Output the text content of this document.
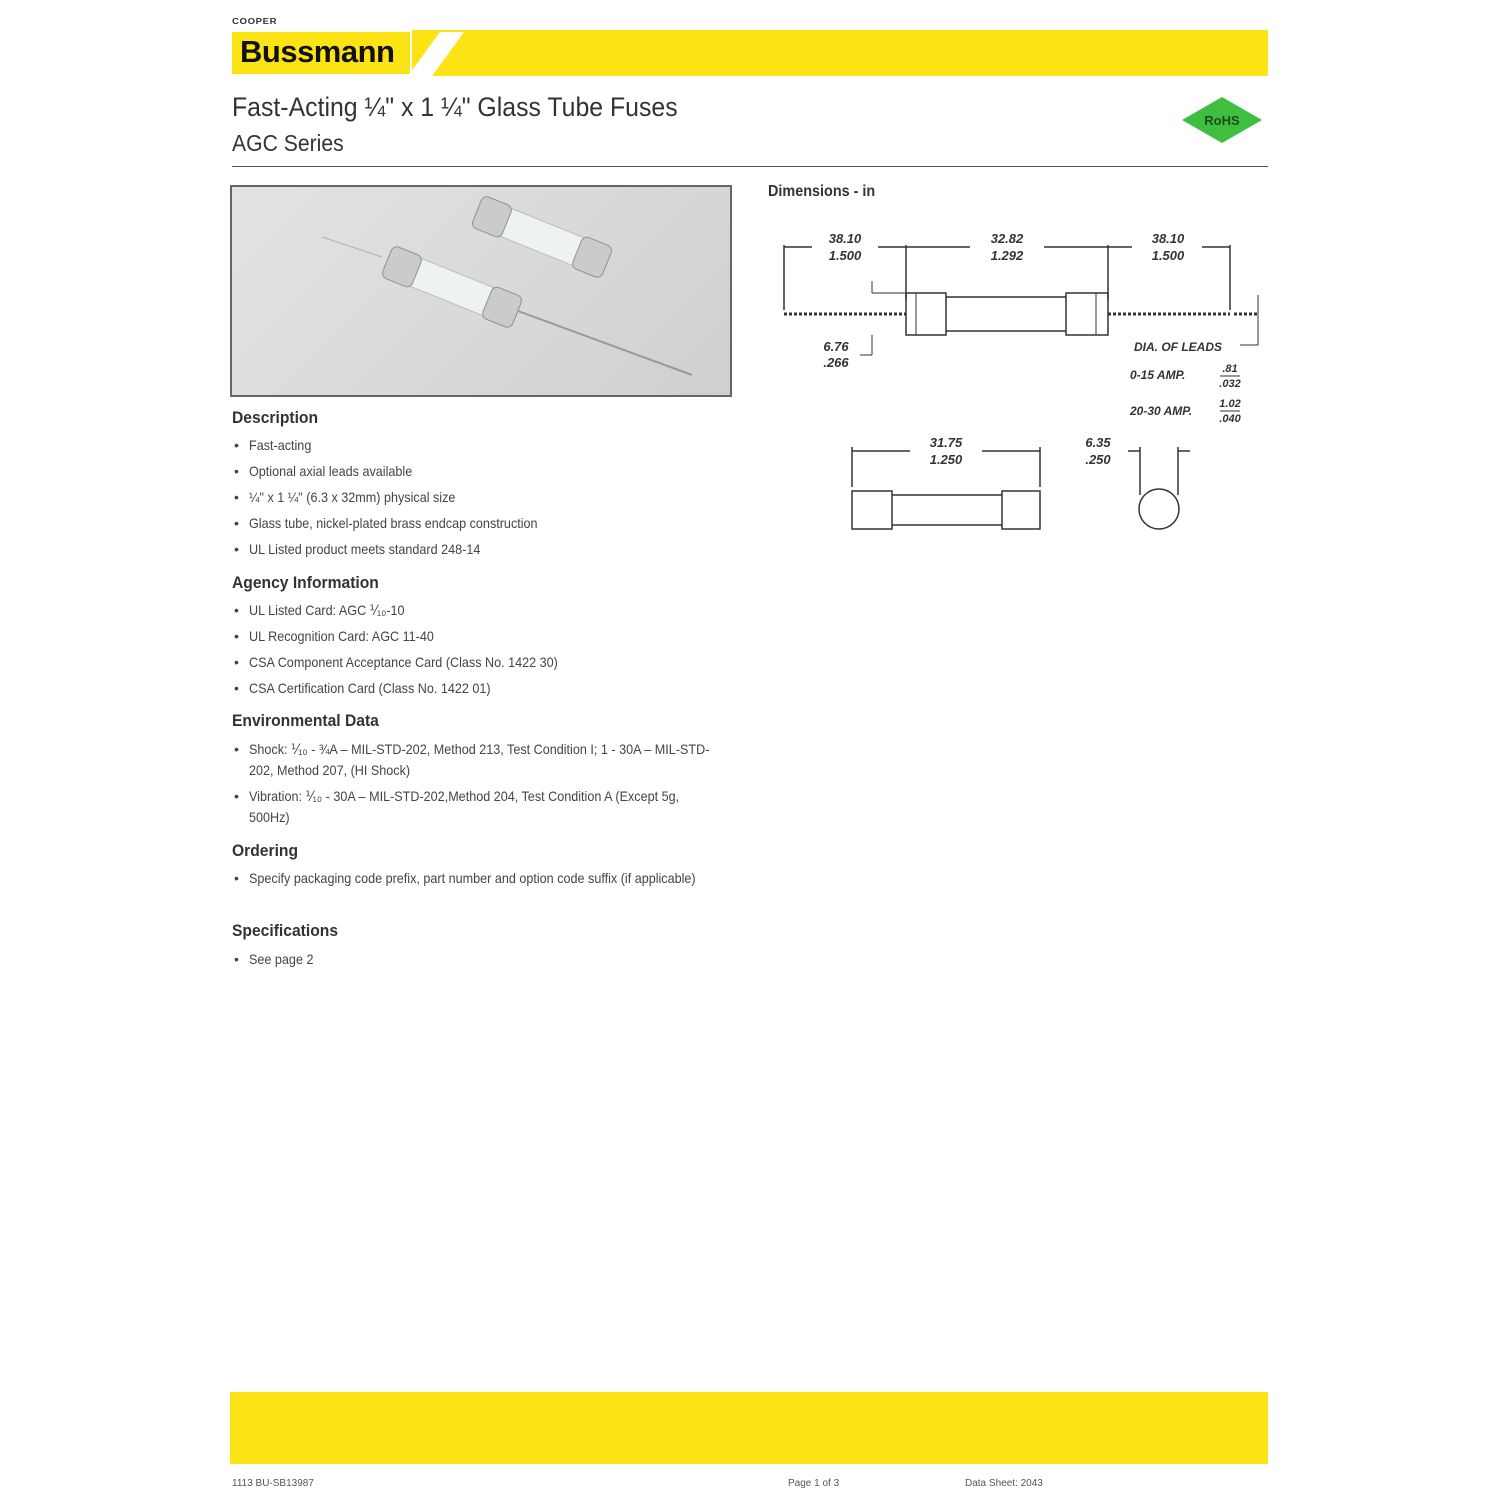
COOPER
Bussmann
Fast-Acting ¼" x 1 ¼" Glass Tube Fuses
AGC Series
RoHS
Description
• Fast-acting
• Optional axial leads available
• ¼" x 1 ¼" (6.3 x 32mm) physical size
• Glass tube, nickel-plated brass endcap construction
• UL Listed product meets standard 248-14
Agency Information
• UL Listed Card: AGC ⅟₁₀-10
• UL Recognition Card: AGC 11-40
• CSA Component Acceptance Card (Class No. 1422 30)
• CSA Certification Card (Class No. 1422 01)
Environmental Data
• Shock: ⅟₁₀ - ¾A – MIL-STD-202, Method 213, Test Condition I; 1 - 30A – MIL-STD-202, Method 207, (HI Shock)
• Vibration: ⅟₁₀ - 30A – MIL-STD-202,Method 204, Test Condition A (Except 5g, 500Hz)
Ordering
• Specify packaging code prefix, part number and option code suffix (if applicable)
Specifications
• See page 2
Dimensions - in
38.10
1.500
32.82
1.292
38.10
1.500
6.76
.266
DIA. OF LEADS
0-15 AMP.	.81
.032
20-30 AMP. 1.02
.040
31.75
1.250
6.35
.250
1113 BU-SB13987	Page 1 of 3	Data Sheet: 2043
